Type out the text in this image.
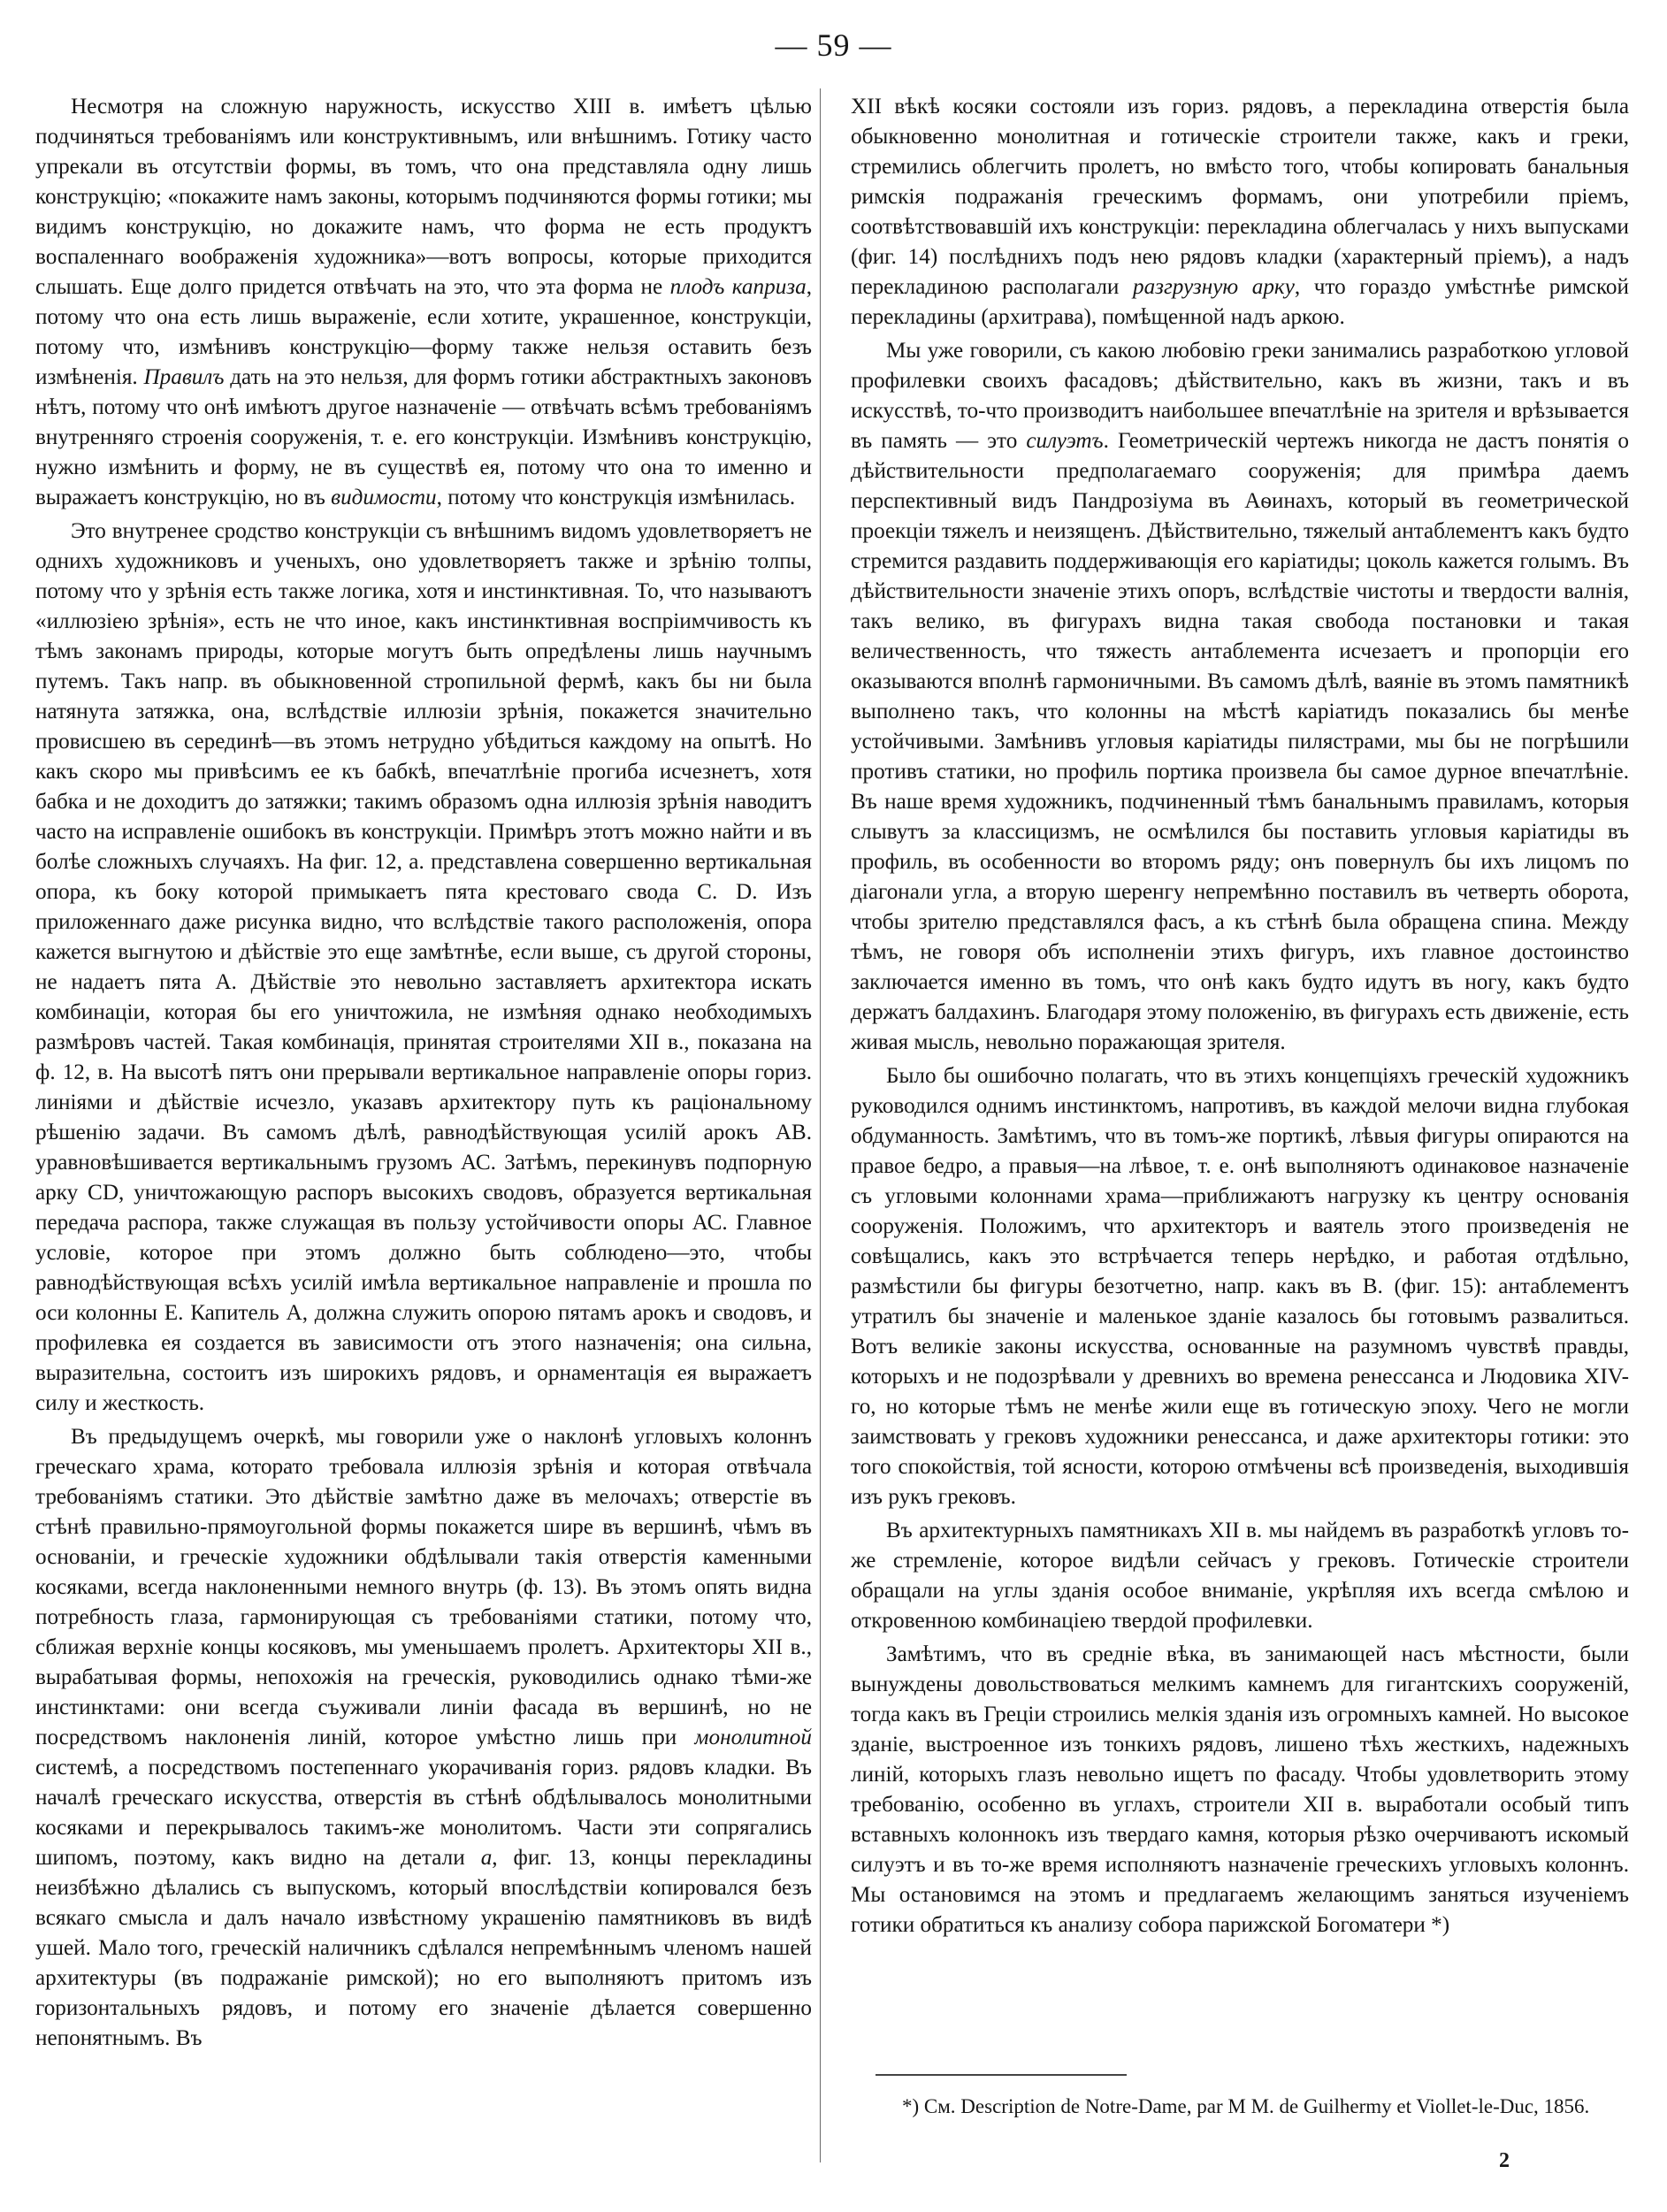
— 59 —

Несмотря на сложную наружность, искусство XIII в. имѣетъ цѣлью подчиняться требованіямъ или конструктивнымъ, или внѣшнимъ. Готику часто упрекали въ отсутствіи формы, въ томъ, что она представляла одну лишь конструкцію; «покажите намъ законы, которымъ подчиняются формы готики; мы видимъ конструкцію, но докажите намъ, что форма не есть продуктъ воспаленнаго воображенія художника»—вотъ вопросы, которые приходится слышать. Еще долго придется отвѣчать на это, что эта форма не плодъ каприза, потому что она есть лишь выраженіе, если хотите, украшенное, конструкціи, потому что, измѣнивъ конструкцію—форму также нельзя оставить безъ измѣненія. Правилъ дать на это нельзя, для формъ готики абстрактныхъ законовъ нѣтъ, потому что онѣ имѣютъ другое назначеніе — отвѣчать всѣмъ требованіямъ внутренняго строенія сооруженія, т. е. его конструкціи. Измѣнивъ конструкцію, нужно измѣнить и форму, не въ существѣ ея, потому что она то именно и выражаетъ конструкцію, но въ видимости, потому что конструкція измѣнилась.

Это внутренее сродство конструкціи съ внѣшнимъ видомъ удовлетворяетъ не однихъ художниковъ и ученыхъ, оно удовлетворяетъ также и зрѣнію толпы, потому что у зрѣнія есть также логика, хотя и инстинктивная. То, что называютъ «иллюзіею зрѣнія», есть не что иное, какъ инстинктивная воспріимчивость къ тѣмъ законамъ природы, которые могутъ быть опредѣлены лишь научнымъ путемъ. Такъ напр. въ обыкновенной стропильной фермѣ, какъ бы ни была натянута затяжка, она, вслѣдствіе иллюзіи зрѣнія, покажется значительно провисшею въ серединѣ—въ этомъ нетрудно убѣдиться каждому на опытѣ. Но какъ скоро мы привѣсимъ ее къ бабкѣ, впечатлѣніе прогиба исчезнетъ, хотя бабка и не доходитъ до затяжки; такимъ образомъ одна иллюзія зрѣнія наводитъ часто на исправленіе ошибокъ въ конструкціи. Примѣръ этотъ можно найти и въ болѣе сложныхъ случаяхъ. На фиг. 12, а. представлена совершенно вертикальная опора, къ боку которой примыкаетъ пята крестоваго свода С. D. Изъ приложеннаго даже рисунка видно, что вслѣдствіе такого расположенія, опора кажется выгнутою и дѣйствіе это еще замѣтнѣе, если выше, съ другой стороны, не надаетъ пята А. Дѣйствіе это невольно заставляетъ архитектора искать комбинаціи, которая бы его уничтожила, не измѣняя однако необходимыхъ размѣровъ частей. Такая комбинація, принятая строителями XII в., показана на ф. 12, в. На высотѣ пятъ они прерывали вертикальное направленіе опоры гориз. линіями и дѣйствіе исчезло, указавъ архитектору путь къ раціональному рѣшенію задачи. Въ самомъ дѣлѣ, равнодѣйствующая усилій арокъ АВ. уравновѣшивается вертикальнымъ грузомъ АС. Затѣмъ, перекинувъ подпорную арку CD, уничтожающую распоръ высокихъ сводовъ, образуется вертикальная передача распора, также служащая въ пользу устойчивости опоры АС. Главное условіе, которое при этомъ должно быть соблюдено—это, чтобы равнодѣйствующая всѣхъ усилій имѣла вертикальное направленіе и прошла по оси колонны Е. Капитель А, должна служить опорою пятамъ арокъ и сводовъ, и профилевка ея создается въ зависимости отъ этого назначенія; она сильна, выразительна, состоитъ изъ широкихъ рядовъ, и орнаментація ея выражаетъ силу и жесткость.

Въ предыдущемъ очеркѣ, мы говорили уже о наклонѣ угловыхъ колоннъ греческаго храма, которато требовала иллюзія зрѣнія и которая отвѣчала требованіямъ статики. Это дѣйствіе замѣтно даже въ мелочахъ; отверстіе въ стѣнѣ правильно-прямоугольной формы покажется шире въ вершинѣ, чѣмъ въ основаніи, и греческіе художники обдѣлывали такія отверстія каменными косяками, всегда наклоненными немного внутрь (ф. 13). Въ этомъ опять видна потребность глаза, гармонирующая съ требованіями статики, потому что, сближая верхніе концы косяковъ, мы уменьшаемъ пролетъ. Архитекторы XII в., вырабатывая формы, непохожія на греческія, руководились однако тѣми-же инстинктами: они всегда съуживали линіи фасада въ вершинѣ, но не посредствомъ наклоненія линій, которое умѣстно лишь при монолитной системѣ, а посредствомъ постепеннаго укорачиванія гориз. рядовъ кладки. Въ началѣ греческаго искусства, отверстія въ стѣнѣ обдѣлывалось монолитными косяками и перекрывалось такимъ-же монолитомъ. Части эти сопрягались шипомъ, поэтому, какъ видно на детали а, фиг. 13, концы перекладины неизбѣжно дѣлались съ выпускомъ, который впослѣдствіи копировался безъ всякаго смысла и далъ начало извѣстному украшенію памятниковъ въ видѣ ушей. Мало того, греческій наличникъ сдѣлался непремѣннымъ членомъ нашей архитектуры (въ подражаніе римской); но его выполняютъ притомъ изъ горизонтальныхъ рядовъ, и потому его значеніе дѣлается совершенно непонятнымъ. Въ

XII вѣкѣ косяки состояли изъ гориз. рядовъ, а перекладина отверстія была обыкновенно монолитная и готическіе строители также, какъ и греки, стремились облегчить пролетъ, но вмѣсто того, чтобы копировать банальныя римскія подражанія греческимъ формамъ, они употребили пріемъ, соотвѣтствовавшій ихъ конструкціи: перекладина облегчалась у нихъ выпусками (фиг. 14) послѣднихъ подъ нею рядовъ кладки (характерный пріемъ), а надъ перекладиною располагали разгрузную арку, что гораздо умѣстнѣе римской перекладины (архитрава), помѣщенной надъ аркою.

Мы уже говорили, съ какою любовію греки занимались разработкою угловой профилевки своихъ фасадовъ; дѣйствительно, какъ въ жизни, такъ и въ искусствѣ, то-что производитъ наибольшее впечатлѣніе на зрителя и врѣзывается въ память — это силуэтъ. Геометрическій чертежъ никогда не дастъ понятія о дѣйствительности предполагаемаго сооруженія; для примѣра даемъ перспективный видъ Пандрозіума въ Аѳинахъ, который въ геометрической проекціи тяжелъ и неизященъ. Дѣйствительно, тяжелый антаблементъ какъ будто стремится раздавить поддерживающія его каріатиды; цоколь кажется голымъ. Въ дѣйствительности значеніе этихъ опоръ, вслѣдствіе чистоты и твердости валнія, такъ велико, въ фигурахъ видна такая свобода постановки и такая величественность, что тяжесть антаблемента исчезаетъ и пропорціи его оказываются вполнѣ гармоничными. Въ самомъ дѣлѣ, ваяніе въ этомъ памятникѣ выполнено такъ, что колонны на мѣстѣ каріатидъ показались бы менѣе устойчивыми. Замѣнивъ угловыя каріатиды пилястрами, мы бы не погрѣшили противъ статики, но профиль портика произвела бы самое дурное впечатлѣніе. Въ наше время художникъ, подчиненный тѣмъ банальнымъ правиламъ, которыя слывутъ за классицизмъ, не осмѣлился бы поставить угловыя каріатиды въ профиль, въ особенности во второмъ ряду; онъ повернулъ бы ихъ лицомъ по діагонали угла, а вторую шеренгу непремѣнно поставилъ въ четверть оборота, чтобы зрителю представлялся фасъ, а къ стѣнѣ была обращена спина. Между тѣмъ, не говоря объ исполненіи этихъ фигуръ, ихъ главное достоинство заключается именно въ томъ, что онѣ какъ будто идутъ въ ногу, какъ будто держатъ балдахинъ. Благодаря этому положенію, въ фигурахъ есть движеніе, есть живая мысль, невольно поражающая зрителя.

Было бы ошибочно полагать, что въ этихъ концепціяхъ греческій художникъ руководился однимъ инстинктомъ, напротивъ, въ каждой мелочи видна глубокая обдуманность. Замѣтимъ, что въ томъ-же портикѣ, лѣвыя фигуры опираются на правое бедро, а правыя—на лѣвое, т. е. онѣ выполняютъ одинаковое назначеніе съ угловыми колоннами храма—приближаютъ нагрузку къ центру основанія сооруженія. Положимъ, что архитекторъ и ваятель этого произведенія не совѣщались, какъ это встрѣчается теперь нерѣдко, и работая отдѣльно, размѣстили бы фигуры безотчетно, напр. какъ въ В. (фиг. 15): антаблементъ утратилъ бы значеніе и маленькое зданіе казалось бы готовымъ развалиться. Вотъ великіе законы искусства, основанные на разумномъ чувствѣ правды, которыхъ и не подозрѣвали у древнихъ во времена ренессанса и Людовика XIV-го, но которые тѣмъ не менѣе жили еще въ готическую эпоху. Чего не могли заимствовать у грековъ художники ренессанса, и даже архитекторы готики: это того спокойствія, той ясности, которою отмѣчены всѣ произведенія, выходившія изъ рукъ грековъ.

Въ архитектурныхъ памятникахъ XII в. мы найдемъ въ разработкѣ угловъ то-же стремленіе, которое видѣли сейчасъ у грековъ. Готическіе строители обращали на углы зданія особое вниманіе, укрѣпляя ихъ всегда смѣлою и откровенною комбинаціею твердой профилевки.

Замѣтимъ, что въ средніе вѣка, въ занимающей насъ мѣстности, были вынуждены довольствоваться мелкимъ камнемъ для гигантскихъ сооруженій, тогда какъ въ Греціи строились мелкія зданія изъ огромныхъ камней. Но высокое зданіе, выстроенное изъ тонкихъ рядовъ, лишено тѣхъ жесткихъ, надежныхъ линій, которыхъ глазъ невольно ищетъ по фасаду. Чтобы удовлетворить этому требованію, особенно въ углахъ, строители XII в. выработали особый типъ вставныхъ колоннокъ изъ твердаго камня, которыя рѣзко очерчиваютъ искомый силуэтъ и въ то-же время исполняютъ назначеніе греческихъ угловыхъ колоннъ. Мы остановимся на этомъ и предлагаемъ желающимъ заняться изученіемъ готики обратиться къ анализу собора парижской Богоматери *)

*) См. Description de Notre-Dame, par M M. de Guilhermy et Viollet-le-Duc, 1856.

2
